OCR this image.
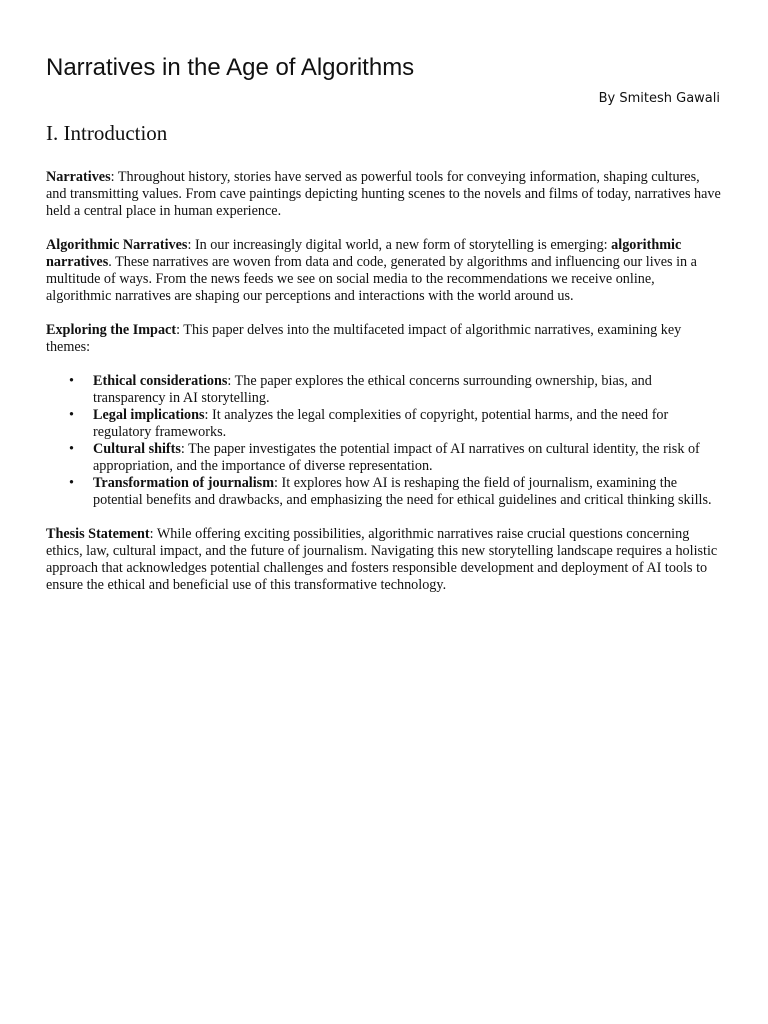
Narratives in the Age of Algorithms
By Smitesh Gawali
I. Introduction

Narratives: Throughout history, stories have served as powerful tools for conveying information, shaping cultures, and transmitting values. From cave paintings depicting hunting scenes to the novels and films of today, narratives have held a central place in human experience.

Algorithmic Narratives: In our increasingly digital world, a new form of storytelling is emerging: algorithmic narratives. These narratives are woven from data and code, generated by algorithms and influencing our lives in a multitude of ways. From the news feeds we see on social media to the recommendations we receive online, algorithmic narratives are shaping our perceptions and interactions with the world around us.

Exploring the Impact: This paper delves into the multifaceted impact of algorithmic narratives, examining key themes:

• Ethical considerations: The paper explores the ethical concerns surrounding ownership, bias, and transparency in AI storytelling.
• Legal implications: It analyzes the legal complexities of copyright, potential harms, and the need for regulatory frameworks.
• Cultural shifts: The paper investigates the potential impact of AI narratives on cultural identity, the risk of appropriation, and the importance of diverse representation.
• Transformation of journalism: It explores how AI is reshaping the field of journalism, examining the potential benefits and drawbacks, and emphasizing the need for ethical guidelines and critical thinking skills.

Thesis Statement: While offering exciting possibilities, algorithmic narratives raise crucial questions concerning ethics, law, cultural impact, and the future of journalism. Navigating this new storytelling landscape requires a holistic approach that acknowledges potential challenges and fosters responsible development and deployment of AI tools to ensure the ethical and beneficial use of this transformative technology.
